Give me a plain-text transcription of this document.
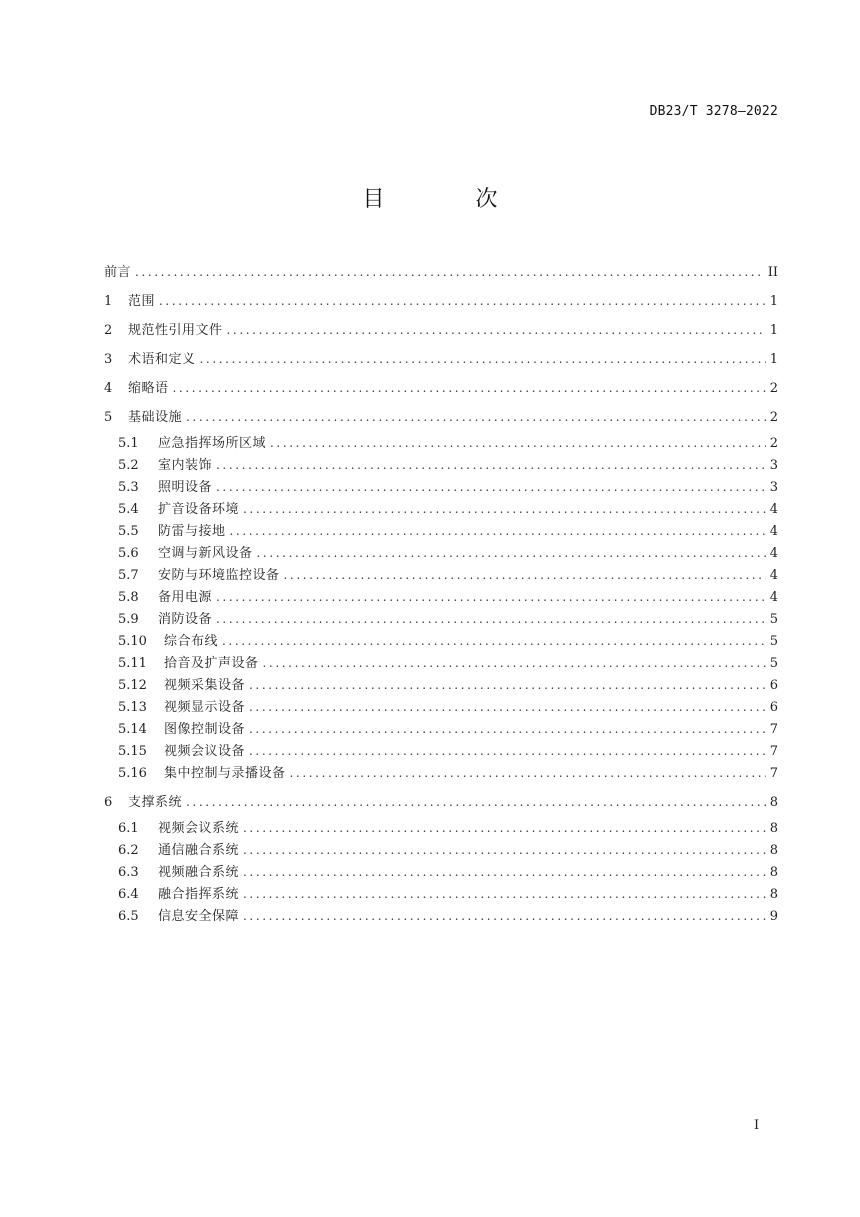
DB23/T 3278—2022
目 次
前言 .....	II
1	范围 .....	1
2	规范性引用文件 .....	1
3	术语和定义 .....	1
4	缩略语 .....	2
5	基础设施 .....	2
5.1	应急指挥场所区域 .....	2
5.2	室内装饰 .....	3
5.3	照明设备 .....	3
5.4	扩音设备环境 .....	4
5.5	防雷与接地 .....	4
5.6	空调与新风设备 .....	4
5.7	安防与环境监控设备 .....	4
5.8	备用电源 .....	4
5.9	消防设备 .....	5
5.10	综合布线 .....	5
5.11	拾音及扩声设备 .....	5
5.12	视频采集设备 .....	6
5.13	视频显示设备 .....	6
5.14	图像控制设备 .....	7
5.15	视频会议设备 .....	7
5.16	集中控制与录播设备 .....	7
6	支撑系统 .....	8
6.1	视频会议系统 .....	8
6.2	通信融合系统 .....	8
6.3	视频融合系统 .....	8
6.4	融合指挥系统 .....	8
6.5	信息安全保障 .....	9
I
